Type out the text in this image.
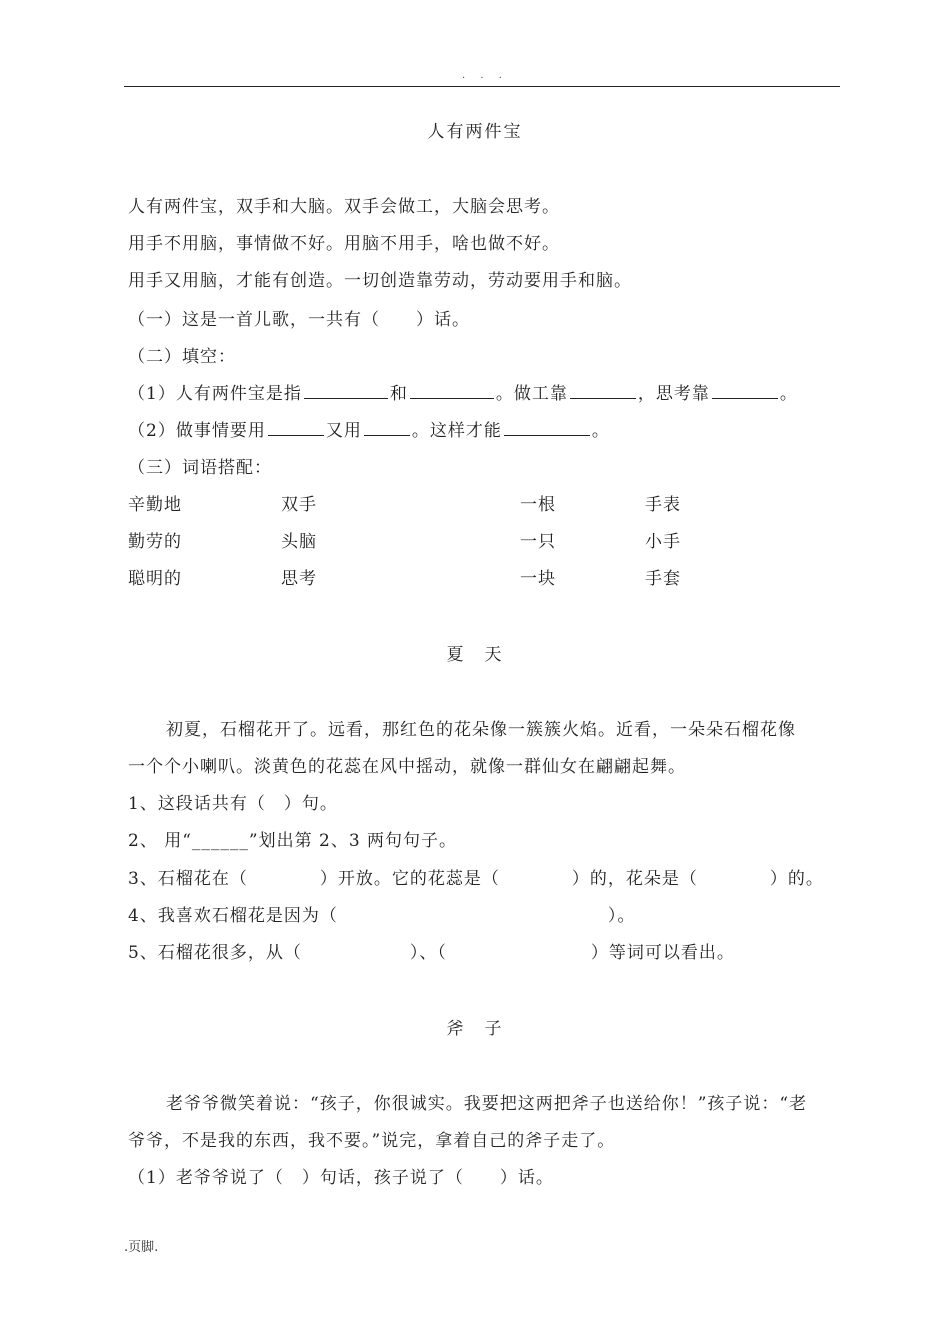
. . .
人有两件宝
人有两件宝，双手和大脑。双手会做工，大脑会思考。
用手不用脑，事情做不好。用脑不用手，啥也做不好。
用手又用脑，才能有创造。一切创造靠劳动，劳动要用手和脑。
（一）这是一首儿歌，一共有（　　）话。
（二）填空：
（1）人有两件宝是指	和	。做工靠	，思考靠	。
（2）做事情要用	又用	。这样才能	。
（三）词语搭配：
辛勤地	双手	一根	手表
勤劳的	头脑	一只	小手
聪明的	思考	一块	手套
夏　天
初夏，石榴花开了。远看，那红色的花朵像一簇簇火焰。近看，一朵朵石榴花像
一个个小喇叭。淡黄色的花蕊在风中摇动，就像一群仙女在翩翩起舞。
1、这段话共有（　）句。
2、 用“______”划出第 2、3 两句句子。
3、石榴花在（　　　　）开放。它的花蕊是（　　　　）的，花朵是（　　　　）的。
4、我喜欢石榴花是因为（　　　　　　　　　　　　　　　）。
5、石榴花很多，从（　　　　　　）、（　　　　　　　　）等词可以看出。
斧　子
老爷爷微笑着说：“孩子，你很诚实。我要把这两把斧子也送给你！”孩子说：“老
爷爷，不是我的东西，我不要。”说完，拿着自己的斧子走了。
（1）老爷爷说了（　）句话，孩子说了（　　）话。
.页脚.
